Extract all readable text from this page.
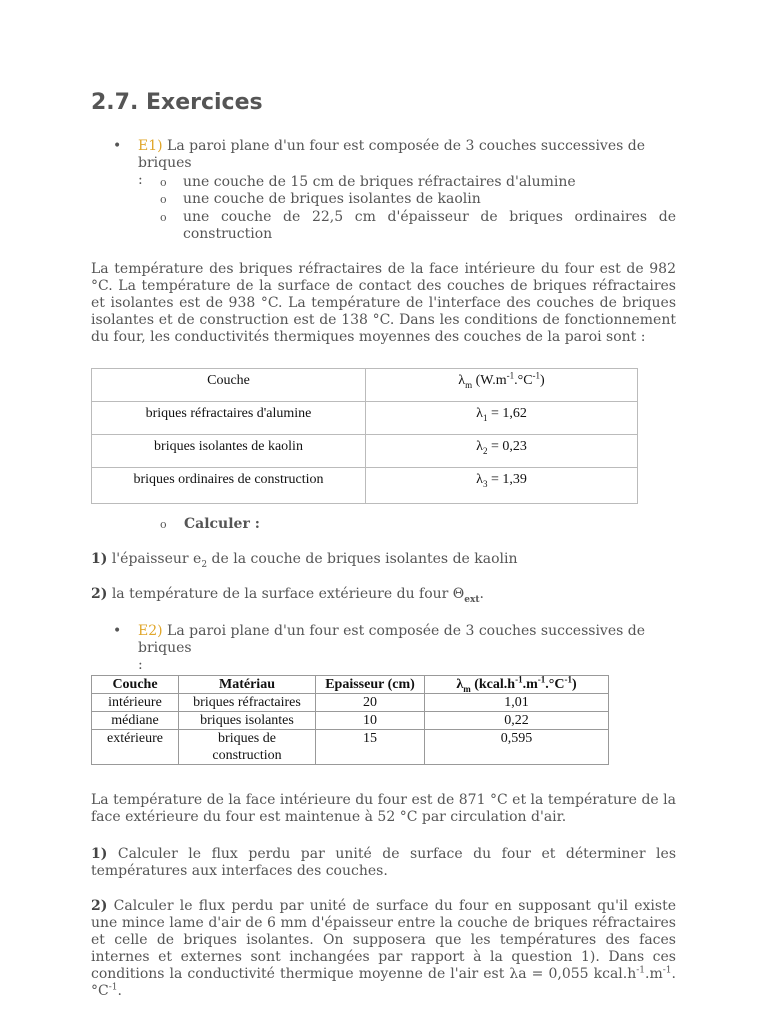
2.7. Exercices
• E1) La paroi plane d'un four est composée de 3 couches successives de briques
:	o une couche de 15 cm de briques réfractaires d'alumine
o une couche de briques isolantes de kaolin
o une couche de 22,5 cm d'épaisseur de briques ordinaires de construction
La température des briques réfractaires de la face intérieure du four est de 982 °C. La température de la surface de contact des couches de briques réfractaires et isolantes est de 938 °C. La température de l'interface des couches de briques isolantes et de construction est de 138 °C. Dans les conditions de fonctionnement du four, les conductivités thermiques moyennes des couches de la paroi sont :
Couche	$\lambda_m$ $(W.m^{-1}.^\circ C^{-1})$
briques réfractaires d'alumine	$\lambda_1 = 1,62$
briques isolantes de kaolin	$\lambda_2 = 0,23$
briques ordinaires de construction	$\lambda_3 = 1,39$
o Calculer :
1) l'épaisseur $e_2$ de la couche de briques isolantes de kaolin
2) la température de la surface extérieure du four $\Theta_{ext}$.
• E2) La paroi plane d'un four est composée de 3 couches successives de briques
:
Couche	Matériau	Epaisseur (cm)	$\lambda_m$ $(kcal.h^{-1}.m^{-1}.^\circ C^{-1})$
intérieure	briques réfractaires	20	1,01
médiane	briques isolantes	10	0,22
extérieure	briques de construction	15	0,595
La température de la face intérieure du four est de 871 °C et la température de la face extérieure du four est maintenue à 52 °C par circulation d'air.
1) Calculer le flux perdu par unité de surface du four et déterminer les températures aux interfaces des couches.
2) Calculer le flux perdu par unité de surface du four en supposant qu'il existe une mince lame d'air de 6 mm d'épaisseur entre la couche de briques réfractaires et celle de briques isolantes. On supposera que les températures des faces internes et externes sont inchangées par rapport à la question 1). Dans ces conditions la conductivité thermique moyenne de l'air est λa = 0,055 $kcal.h^{-1}.m^{-1}.^\circ C^{-1}$.
